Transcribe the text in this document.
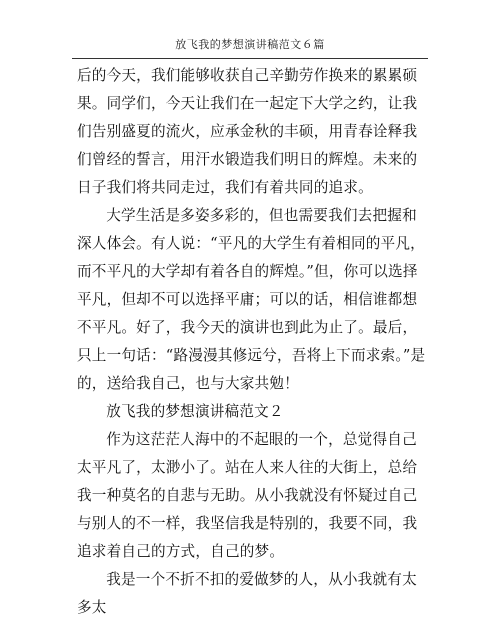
放飞我的梦想演讲稿范文６篇

后的今天，我们能够收获自己辛勤劳作换来的累累硕果。同学们，今天让我们在一起定下大学之约，让我们告别盛夏的流火，应承金秋的丰硕，用青春诠释我们曾经的誓言，用汗水锻造我们明日的辉煌。未来的日子我们将共同走过，我们有着共同的追求。

大学生活是多姿多彩的，但也需要我们去把握和深人体会。有人说：“平凡的大学生有着相同的平凡，而不平凡的大学却有着各自的辉煌。”但，你可以选择平凡，但却不可以选择平庸；可以的话，相信谁都想不平凡。好了，我今天的演讲也到此为止了。最后，只上一句话：“路漫漫其修远兮，吾将上下而求索。”是的，送给我自己，也与大家共勉！

放飞我的梦想演讲稿范文２

作为这茫茫人海中的不起眼的一个，总觉得自己太平凡了，太渺小了。站在人来人往的大街上，总给我一种莫名的自悲与无助。从小我就没有怀疑过自己与别人的不一样，我坚信我是特别的，我要不同，我追求着自己的方式，自己的梦。

我是一个不折不扣的爱做梦的人，从小我就有太多太
